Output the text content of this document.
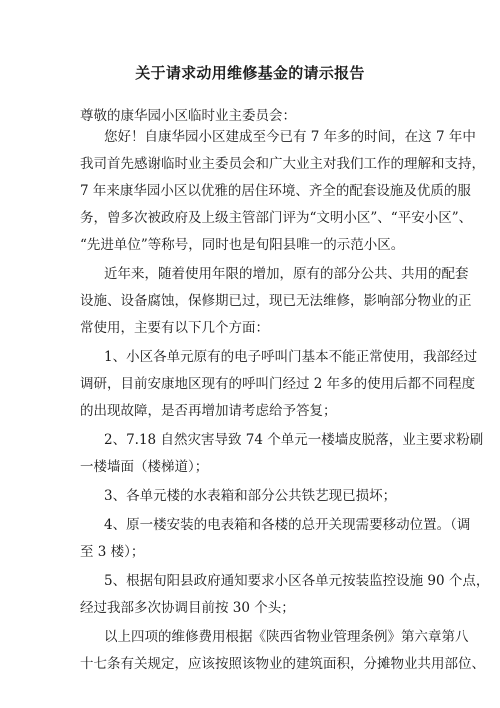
关于请求动用维修基金的请示报告
尊敬的康华园小区临时业主委员会：
您好！自康华园小区建成至今已有 7 年多的时间，在这 7 年中
我司首先感谢临时业主委员会和广大业主对我们工作的理解和支持，
7 年来康华园小区以优雅的居住环境、齐全的配套设施及优质的服
务，曾多次被政府及上级主管部门评为“文明小区”、“平安小区”、
“先进单位”等称号，同时也是旬阳县唯一的示范小区。
近年来，随着使用年限的增加，原有的部分公共、共用的配套
设施、设备腐蚀，保修期已过，现已无法维修，影响部分物业的正
常使用，主要有以下几个方面：
1、小区各单元原有的电子呼叫门基本不能正常使用，我部经过
调研，目前安康地区现有的呼叫门经过 2 年多的使用后都不同程度
的出现故障，是否再增加请考虑给予答复；
2、7.18 自然灾害导致 74 个单元一楼墙皮脱落，业主要求粉刷
一楼墙面（楼梯道）；
3、各单元楼的水表箱和部分公共铁艺现已损坏；
4、原一楼安装的电表箱和各楼的总开关现需要移动位置。（调
至 3 楼）；
5、根据旬阳县政府通知要求小区各单元按装监控设施 90 个点，
经过我部多次协调目前按 30 个头；
以上四项的维修费用根据《陕西省物业管理条例》第六章第八
十七条有关规定，应该按照该物业的建筑面积，分摊物业共用部位、
